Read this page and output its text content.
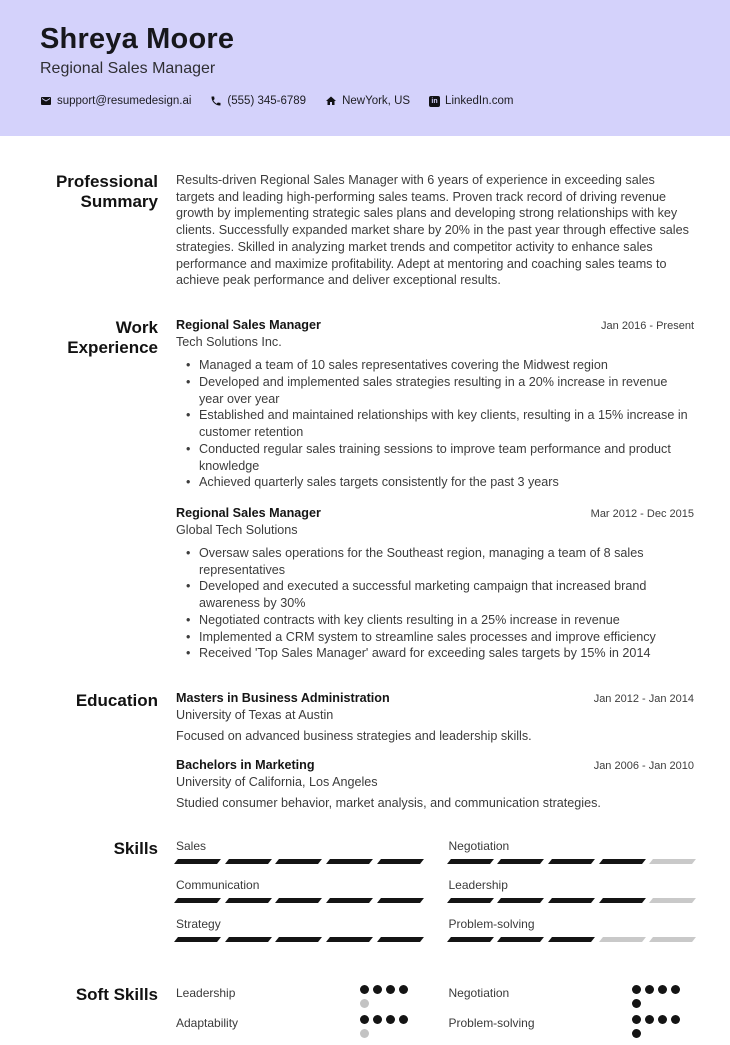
Shreya Moore
Regional Sales Manager
support@resumedesign.ai	(555) 345-6789	NewYork, US	in LinkedIn.com
Professional Summary

Results-driven Regional Sales Manager with 6 years of experience in exceeding sales targets and leading high-performing sales teams. Proven track record of driving revenue growth by implementing strategic sales plans and developing strong relationships with key clients. Successfully expanded market share by 20% in the past year through effective sales strategies. Skilled in analyzing market trends and competitor activity to enhance sales performance and maximize profitability. Adept at mentoring and coaching sales teams to achieve peak performance and deliver exceptional results.

Work Experience
Regional Sales Manager	Jan 2016 - Present
Tech Solutions Inc.
• Managed a team of 10 sales representatives covering the Midwest region
• Developed and implemented sales strategies resulting in a 20% increase in revenue year over year
• Established and maintained relationships with key clients, resulting in a 15% increase in customer retention
• Conducted regular sales training sessions to improve team performance and product knowledge
• Achieved quarterly sales targets consistently for the past 3 years
Regional Sales Manager	Mar 2012 - Dec 2015
Global Tech Solutions
• Oversaw sales operations for the Southeast region, managing a team of 8 sales representatives
• Developed and executed a successful marketing campaign that increased brand awareness by 30%
• Negotiated contracts with key clients resulting in a 25% increase in revenue
• Implemented a CRM system to streamline sales processes and improve efficiency
• Received 'Top Sales Manager' award for exceeding sales targets by 15% in 2014
Education Masters in Business Administration	Jan 2012 - Jan 2014
University of Texas at Austin
Focused on advanced business strategies and leadership skills.
Bachelors in Marketing	Jan 2006 - Jan 2010
University of California, Los Angeles
Studied consumer behavior, market analysis, and communication strategies.
Skills Sales	Negotiation
Communication	Leadership
Strategy	Problem-solving
Soft Skills Leadership	Negotiation
Adaptability	Problem-solving
